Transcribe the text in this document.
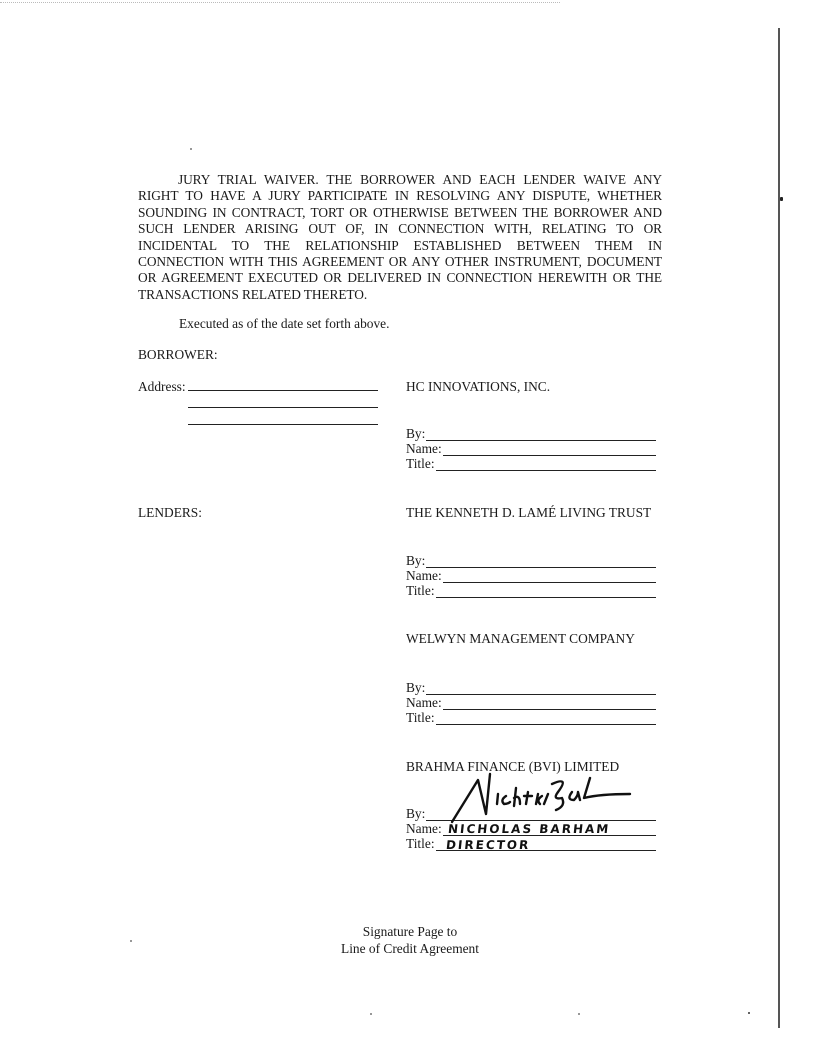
JURY TRIAL WAIVER. THE BORROWER AND EACH LENDER WAIVE ANY RIGHT TO HAVE A JURY PARTICIPATE IN RESOLVING ANY DISPUTE, WHETHER SOUNDING IN CONTRACT, TORT OR OTHERWISE BETWEEN THE BORROWER AND SUCH LENDER ARISING OUT OF, IN CONNECTION WITH, RELATING TO OR INCIDENTAL TO THE RELATIONSHIP ESTABLISHED BETWEEN THEM IN CONNECTION WITH THIS AGREEMENT OR ANY OTHER INSTRUMENT, DOCUMENT OR AGREEMENT EXECUTED OR DELIVERED IN CONNECTION HEREWITH OR THE TRANSACTIONS RELATED THERETO.
Executed as of the date set forth above.
BORROWER:
Address:	HC INNOVATIONS, INC.
By:
Name:
Title:
LENDERS:	THE KENNETH D. LAMÉ LIVING TRUST
By:
Name:
Title:
WELWYN MANAGEMENT COMPANY
By:
Name:
Title:
BRAHMA FINANCE (BVI) LIMITED
By:
Name:
Title:
NICHOLAS BARHAM
DIRECTOR
Signature Page to
Line of Credit Agreement
